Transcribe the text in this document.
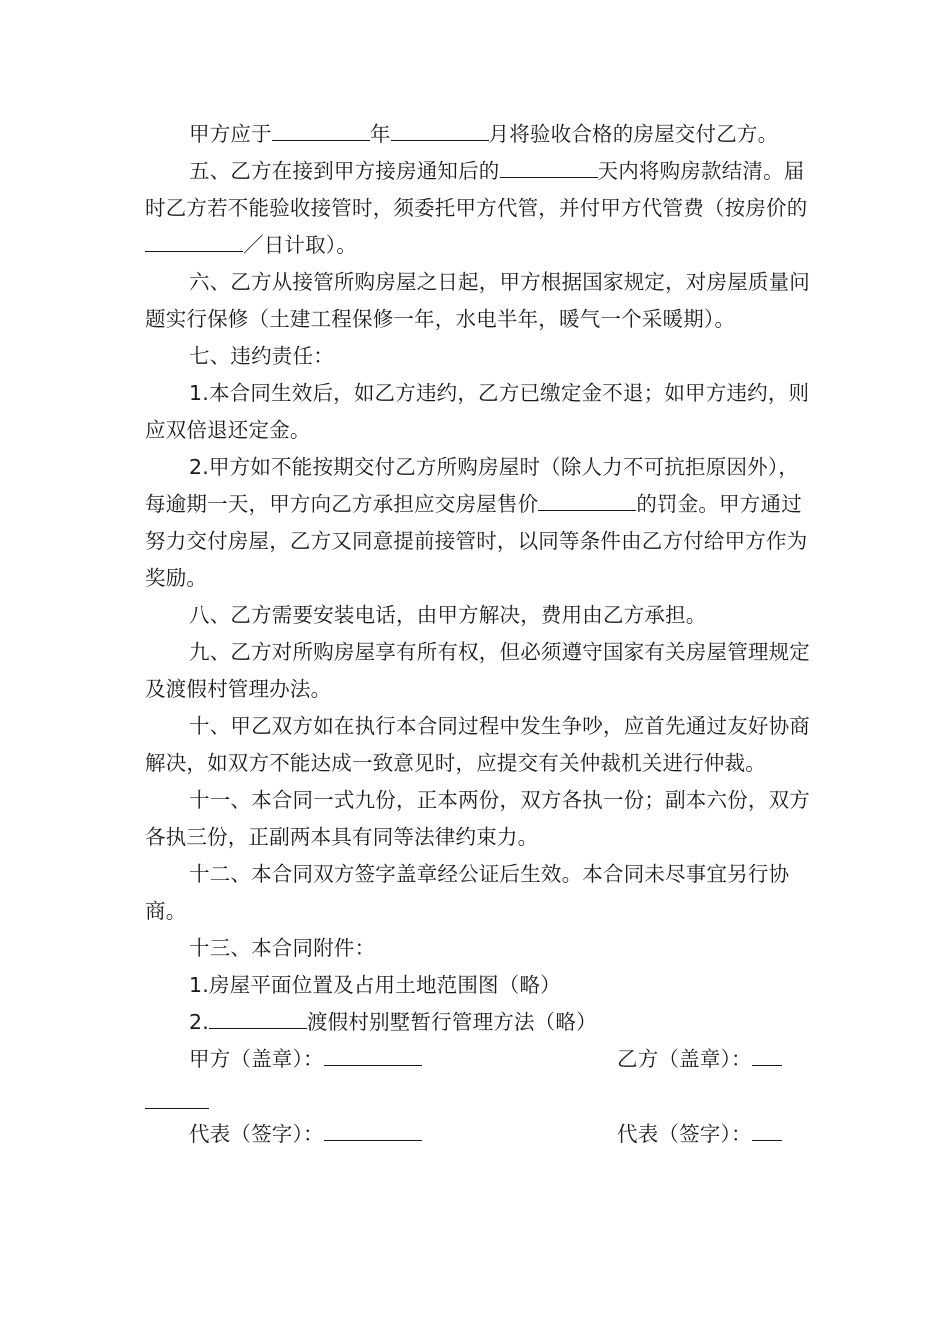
甲方应于	年	月将验收合格的房屋交付乙方。

五、乙方在接到甲方接房通知后的	天内将购房款结清。届时乙方若不能验收接管时，须委托甲方代管，并付甲方代管费（按房价的／日计取）。

六、乙方从接管所购房屋之日起，甲方根据国家规定，对房屋质量问题实行保修（土建工程保修一年，水电半年，暖气一个采暖期）。

七、违约责任：

1.本合同生效后，如乙方违约，乙方已缴定金不退；如甲方违约，则应双倍退还定金。

2.甲方如不能按期交付乙方所购房屋时（除人力不可抗拒原因外），每逾期一天，甲方向乙方承担应交房屋售价	的罚金。甲方通过努力交付房屋，乙方又同意提前接管时，以同等条件由乙方付给甲方作为奖励。

八、乙方需要安装电话，由甲方解决，费用由乙方承担。

九、乙方对所购房屋享有所有权，但必须遵守国家有关房屋管理规定及渡假村管理办法。

十、甲乙双方如在执行本合同过程中发生争吵，应首先通过友好协商解决，如双方不能达成一致意见时，应提交有关仲裁机关进行仲裁。

十一、本合同一式九份，正本两份，双方各执一份；副本六份，双方各执三份，正副两本具有同等法律约束力。

十二、本合同双方签字盖章经公证后生效。本合同未尽事宜另行协商。

十三、本合同附件：

1.房屋平面位置及占用土地范围图（略）

2.	渡假村别墅暂行管理方法（略）

甲方（盖章）：	乙方（盖章）：
代表（签字）：	代表（签字）：
